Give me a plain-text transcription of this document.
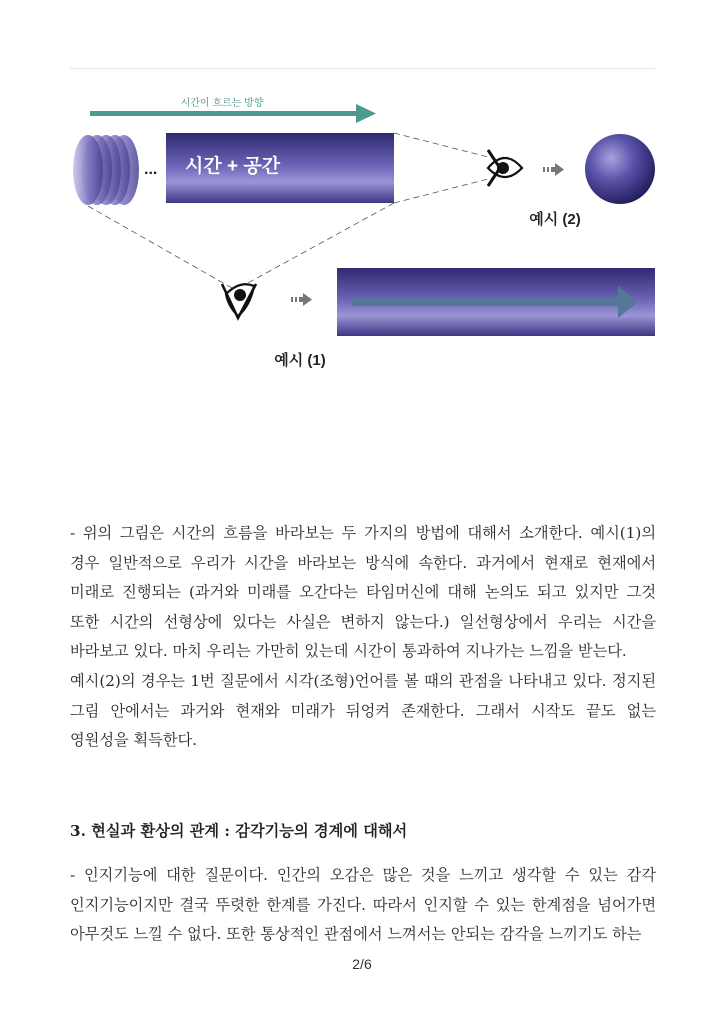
시간이 흐르는 방향
... 시간 + 공간
예시 (2)
예시 (1)

- 위의 그림은 시간의 흐름을 바라보는 두 가지의 방법에 대해서 소개한다. 예시(1)의 경우 일반적으로 우리가 시간을 바라보는 방식에 속한다. 과거에서 현재로 현재에서 미래로 진행되는 (과거와 미래를 오간다는 타임머신에 대해 논의도 되고 있지만 그것 또한 시간의 선형상에 있다는 사실은 변하지 않는다.) 일선형상에서 우리는 시간을 바라보고 있다. 마치 우리는 가만히 있는데 시간이 통과하여 지나가는 느낌을 받는다.

예시(2)의 경우는 1번 질문에서 시각(조형)언어를 볼 때의 관점을 나타내고 있다. 정지된 그림 안에서는 과거와 현재와 미래가 뒤엉켜 존재한다. 그래서 시작도 끝도 없는 영원성을 획득한다.

3. 현실과 환상의 관계 : 감각기능의 경계에 대해서

- 인지기능에 대한 질문이다. 인간의 오감은 많은 것을 느끼고 생각할 수 있는 감각 인지기능이지만 결국 뚜렷한 한계를 가진다. 따라서 인지할 수 있는 한계점을 넘어가면 아무것도 느낄 수 없다. 또한 통상적인 관점에서 느껴서는 안되는 감각을 느끼기도 하는

2/6
